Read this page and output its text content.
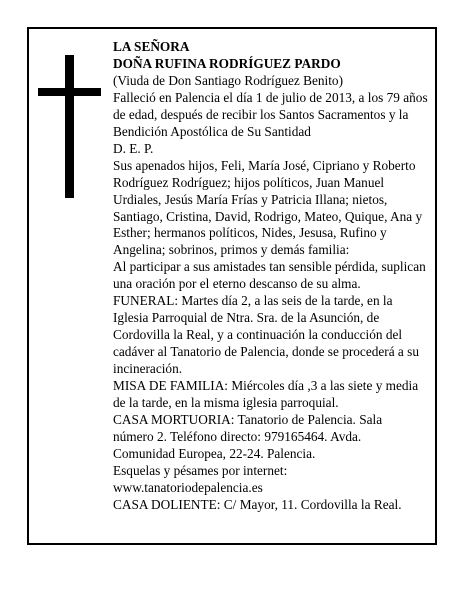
LA SEÑORA

DOÑA RUFINA RODRÍGUEZ PARDO

(Viuda de Don Santiago Rodríguez Benito)

Falleció en Palencia el día 1 de julio de 2013, a los 79 años de edad, después de recibir los Santos Sacramentos y la Bendición Apostólica de Su Santidad

D. E. P.

Sus apenados hijos, Feli, María José, Cipriano y Roberto Rodríguez Rodríguez; hijos políticos, Juan Manuel Urdiales, Jesús María Frías y Patricia Illana; nietos, Santiago, Cristina, David, Rodrigo, Mateo, Quique, Ana y Esther; hermanos políticos, Nides, Jesusa, Rufino y Angelina; sobrinos, primos y demás familia:

Al participar a sus amistades tan sensible pérdida, suplican una oración por el eterno descanso de su alma.

FUNERAL: Martes día 2, a las seis de la tarde, en la Iglesia Parroquial de Ntra. Sra. de la Asunción, de Cordovilla la Real, y a continuación la conducción del cadáver al Tanatorio de Palencia, donde se procederá a su incineración.

MISA DE FAMILIA: Miércoles día ,3 a las siete y media de la tarde, en la misma iglesia parroquial.

CASA MORTUORIA: Tanatorio de Palencia. Sala número 2. Teléfono directo: 979165464. Avda. Comunidad Europea, 22-24. Palencia.

Esquelas y pésames por internet:

www.tanatoriodepalencia.es

CASA DOLIENTE: C/ Mayor, 11. Cordovilla la Real.
